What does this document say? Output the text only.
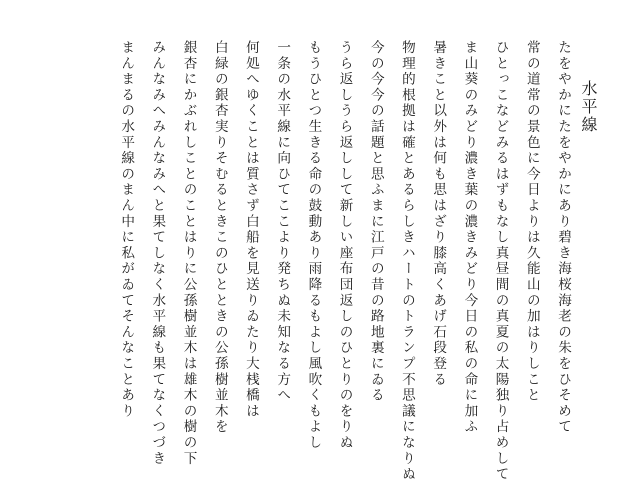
水平線
たをやかにたをやかにあり碧き海桜海老の朱をひそめて
常の道常の景色に今日よりは久能山の加はりしこと
ひとっこなどみるはずもなし真昼間の真夏の太陽独り占めして
ま山葵のみどり濃き葉の濃きみどり今日の私の命に加ふ
暑きこと以外は何も思はざり膝高くあげ石段登る
物理的根拠は確とあるらしきハートのトランプ不思議になりぬ
今の今今の話題と思ふまに江戸の昔の路地裏にゐる
うら返しうら返しして新しい座布団返しのひとりのをりぬ
もうひとつ生きる命の鼓動あり雨降るもよし風吹くもよし
一条の水平線に向ひてここより発ちぬ未知なる方へ
何処へゆくことは質さず白船を見送りゐたり大桟橋は
白緑の銀杏実りそむるときこのひとときの公孫樹並木を
銀杏にかぶれしことのことはりに公孫樹並木は雄木の樹の下
みんなみへみんなみへと果てしなく水平線も果てなくつづき
まんまるの水平線のまん中に私がゐてそんなことあり
